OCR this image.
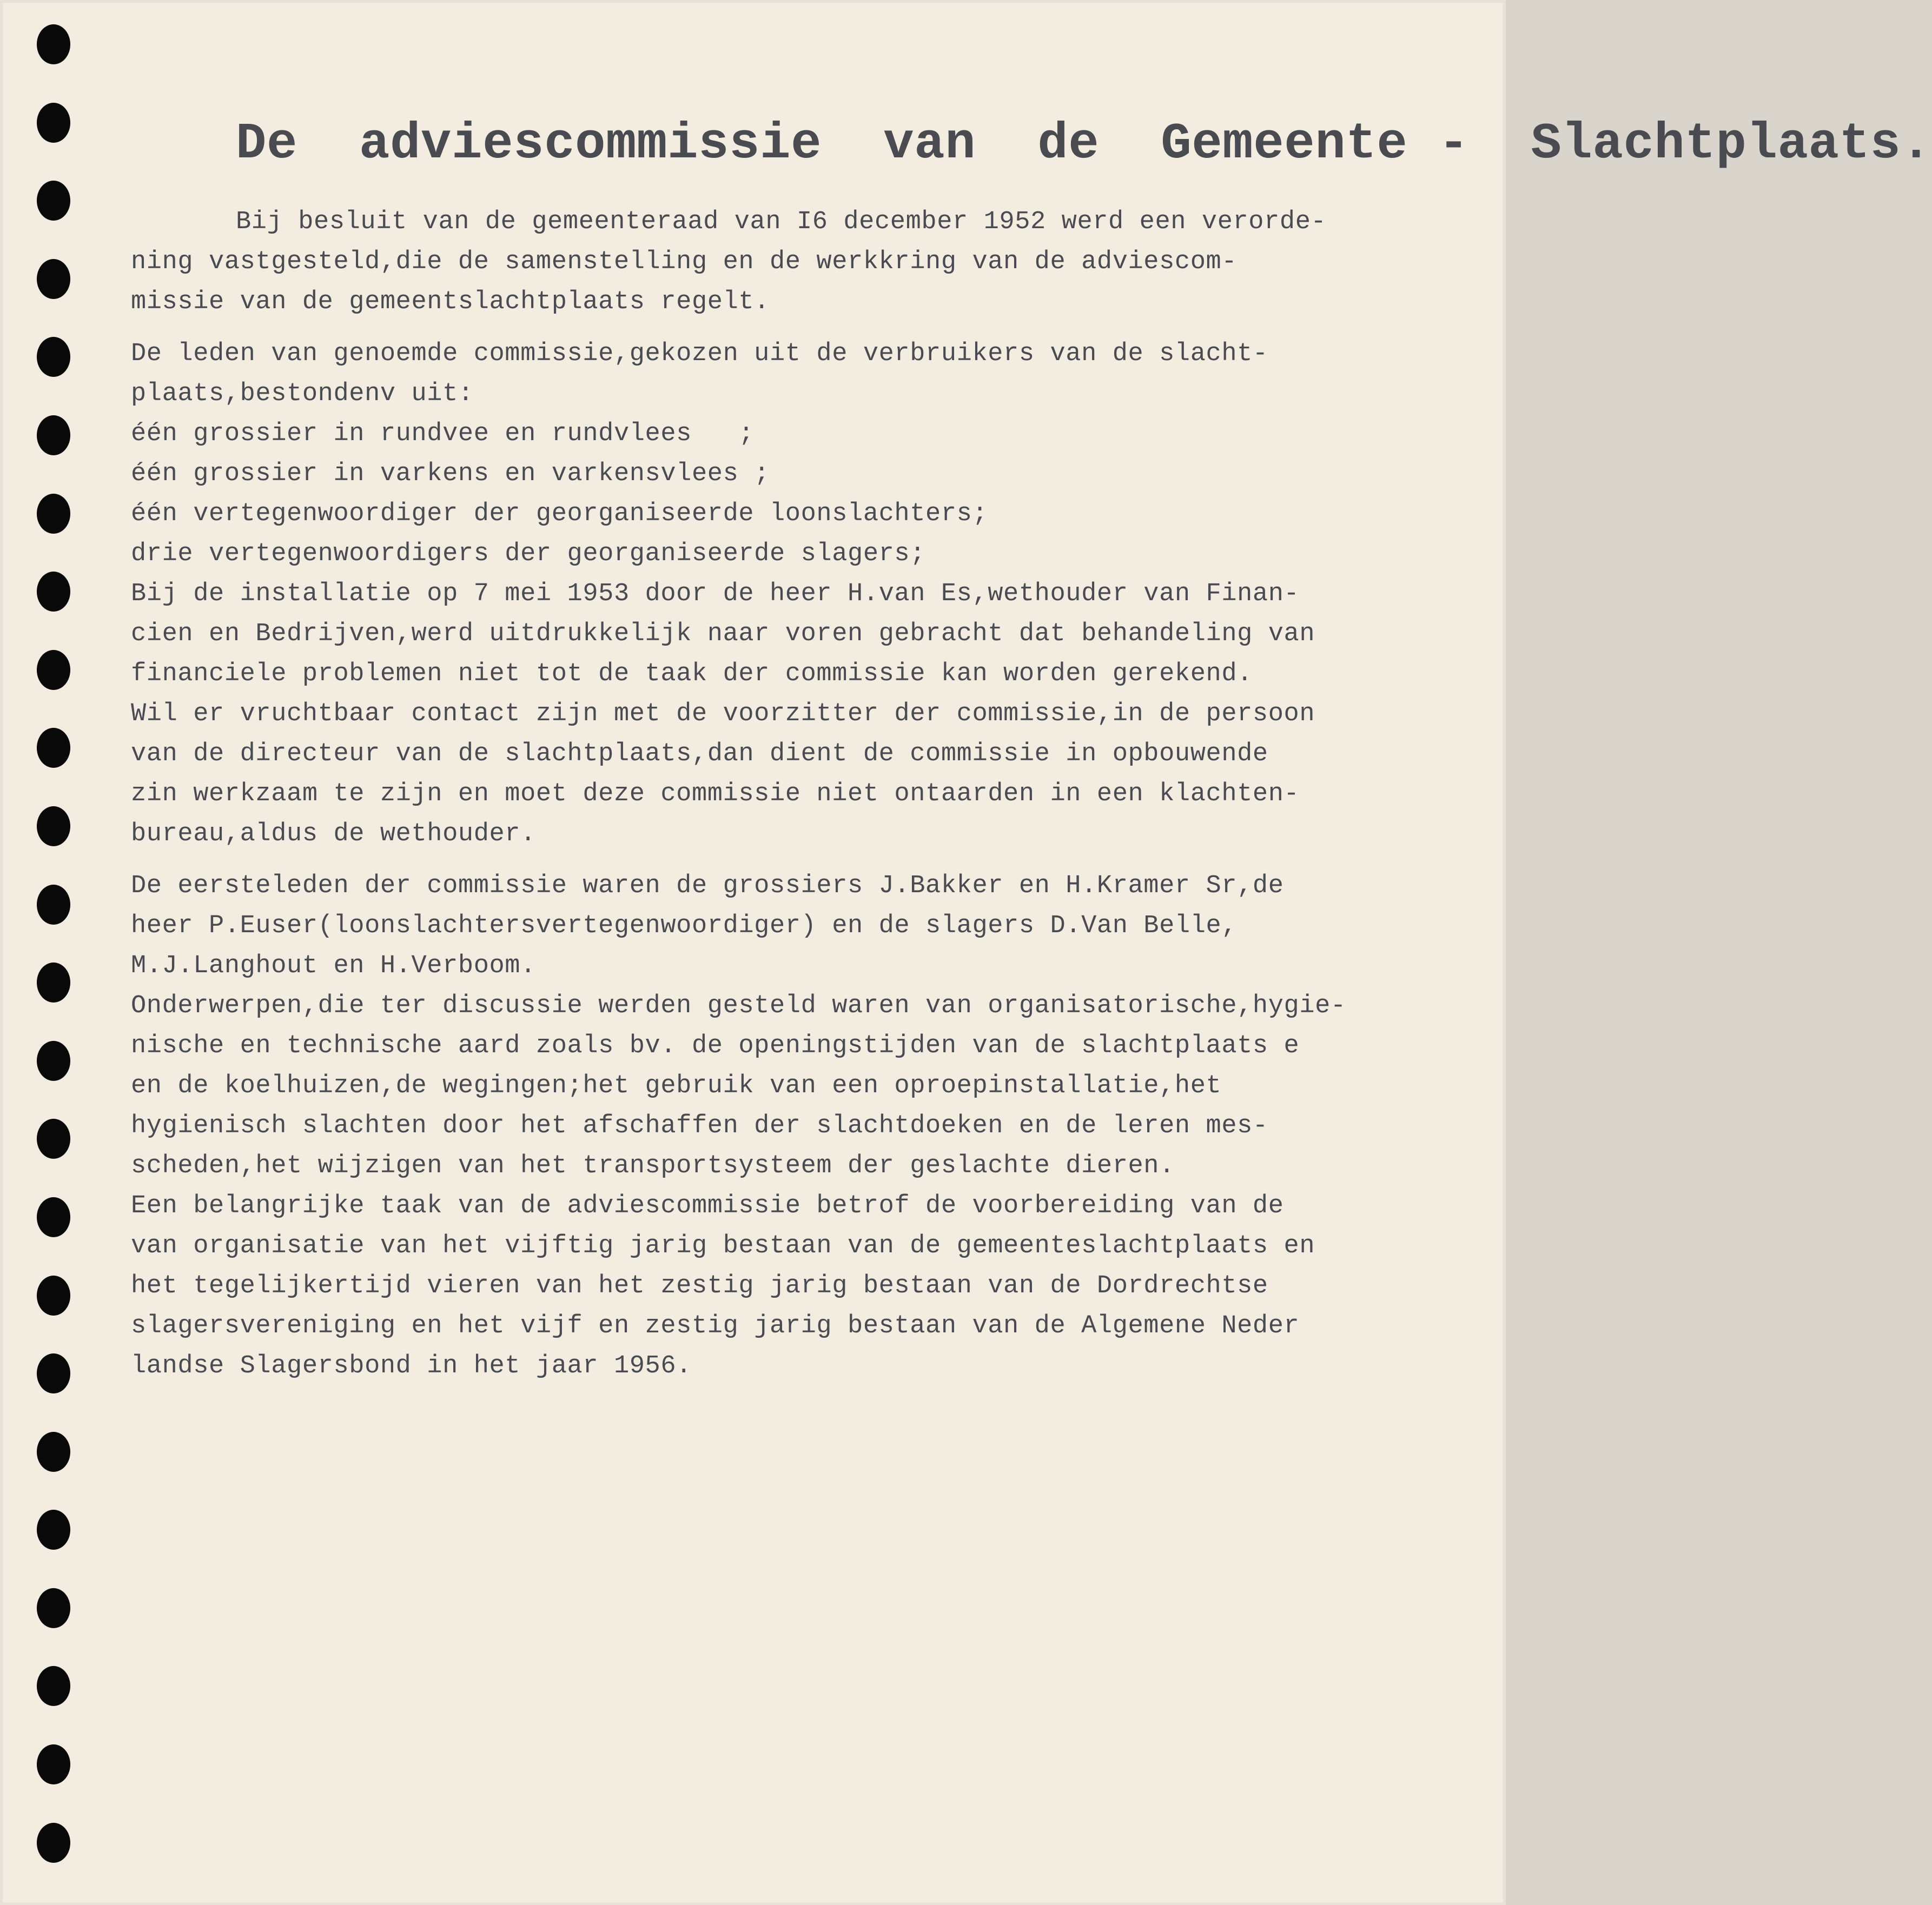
De  adviescommissie  van  de  Gemeente -  Slachtplaats.
Bij besluit van de gemeenteraad van I6 december 1952 werd een verorde-
ning vastgesteld,die de samenstelling en de werkkring van de adviescom-
missie van de gemeentslachtplaats regelt.
De leden van genoemde commissie,gekozen uit de verbruikers van de slacht-
plaats,bestondenv uit:
één grossier in rundvee en rundvlees   ;
één grossier in varkens en varkensvlees ;
één vertegenwoordiger der georganiseerde loonslachters;
drie vertegenwoordigers der georganiseerde slagers;
Bij de installatie op 7 mei 1953 door de heer H.van Es,wethouder van Finan-
cien en Bedrijven,werd uitdrukkelijk naar voren gebracht dat behandeling van
financiele problemen niet tot de taak der commissie kan worden gerekend.
Wil er vruchtbaar contact zijn met de voorzitter der commissie,in de persoon
van de directeur van de slachtplaats,dan dient de commissie in opbouwende
zin werkzaam te zijn en moet deze commissie niet ontaarden in een klachten-
bureau,aldus de wethouder.
De eersteleden der commissie waren de grossiers J.Bakker en H.Kramer Sr,de
heer P.Euser(loonslachtersvertegenwoordiger) en de slagers D.Van Belle,
M.J.Langhout en H.Verboom.
Onderwerpen,die ter discussie werden gesteld waren van organisatorische,hygie-
nische en technische aard zoals bv. de openingstijden van de slachtplaats e
en de koelhuizen,de wegingen;het gebruik van een oproepinstallatie,het
hygienisch slachten door het afschaffen der slachtdoeken en de leren mes-
scheden,het wijzigen van het transportsysteem der geslachte dieren.
Een belangrijke taak van de adviescommissie betrof de voorbereiding van de
van organisatie van het vijftig jarig bestaan van de gemeenteslachtplaats en
het tegelijkertijd vieren van het zestig jarig bestaan van de Dordrechtse
slagersvereniging en het vijf en zestig jarig bestaan van de Algemene Neder
landse Slagersbond in het jaar 1956.
